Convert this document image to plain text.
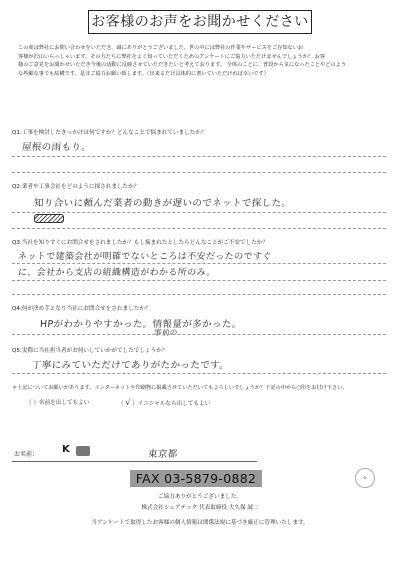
お客様のお声をお聞かせください

この度は弊社にお問い合わせをいただき、誠にありがとうございました。世の中には弊社の作業やサービスをご存知ないお

客様が沢山いらっしゃいます。その方たちに弊社をよく知っていただくためのアンケートにご協力いただけませんでしょうか？ お客

様のご意見をお聞かせいただき今後の活動に反映させていただきたいと考えております。 全体のことに、普段から気になったことやどのよう

な些細な事でも結構です。是非ご協力お願い致します。（出来るだけ具体的に書いていただければ幸いです）

Q1:工事を検討したきっかけは何ですか？どんなことで悩まれていましたか？
屋根の雨もり。
Q2:業者や工事会社をどのように探されましたか？
知り合いに頼んだ業者の動きが遅いのでネットで探した。
Q3:当社を知りすぐにお問合せをされましたか？もし悩まれたとしたらどんなことがご不安でしたか？
ネットで建築会社が明確でないところは不安だったのですぐ
に、会社から支店の組織構造がわかる所のみ。
Q4:何が決め手となり当社にお問合せをされましたか？
HPがわかりやすかった。情報量が多かった。
事前の
Q5:実際に当社担当者がお伺いしていかがでしたでしょうか？
丁寧にみていただけてありがたかったです。
＊上記についてお願いがあります。インターネットや印刷物に掲載させていただいてもよろしいでしょうか？下記の中から○印をお付け下さい。
（ ）名前を出してもよい	（ √ ）イニシャルなら出してもよい
お名前： K	東京都
FAX 03-5879-0882	✿
ご協力ありがとうございました。
株式会社シェアテック 代表取締役 大久保 誠二
当アンケートで取得したお客様の個人情報は関係法規に基づき厳正に管理いたします。
